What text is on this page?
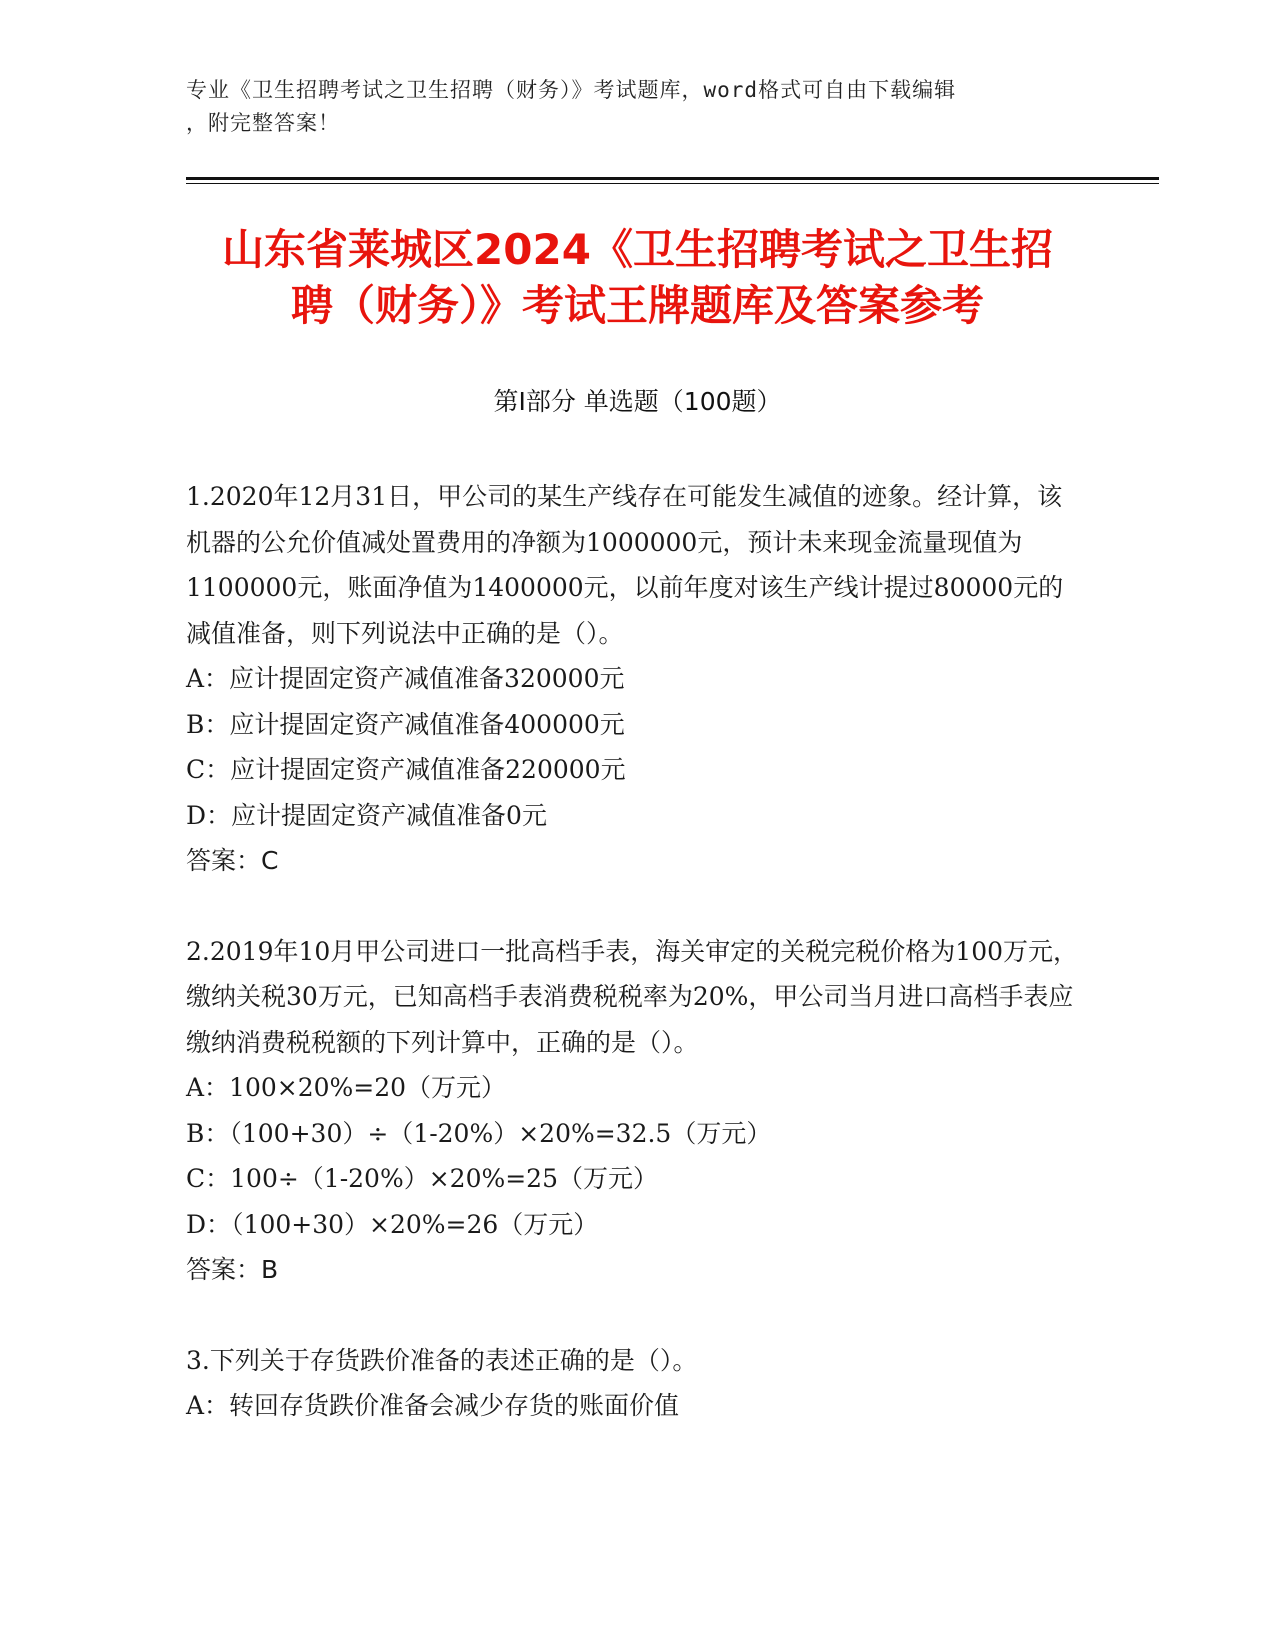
专业《卫生招聘考试之卫生招聘（财务）》考试题库，word格式可自由下载编辑
，附完整答案！
山东省莱城区2024《卫生招聘考试之卫生招
聘（财务）》考试王牌题库及答案参考
第Ⅰ部分 单选题（100题）

1.2020年12月31日，甲公司的某生产线存在可能发生减值的迹象。经计算，该机器的公允价值减处置费用的净额为1000000元，预计未来现金流量现值为1100000元，账面净值为1400000元，以前年度对该生产线计提过80000元的减值准备，则下列说法中正确的是（）。

A：应计提固定资产减值准备320000元

B：应计提固定资产减值准备400000元

C：应计提固定资产减值准备220000元

D：应计提固定资产减值准备0元

答案：C

2.2019年10月甲公司进口一批高档手表，海关审定的关税完税价格为100万元，缴纳关税30万元，已知高档手表消费税税率为20%，甲公司当月进口高档手表应缴纳消费税税额的下列计算中，正确的是（）。

A：100×20%=20（万元）

B：（100+30）÷（1-20%）×20%=32.5（万元）

C：100÷（1-20%）×20%=25（万元）

D：（100+30）×20%=26（万元）

答案：B

3.下列关于存货跌价准备的表述正确的是（）。

A：转回存货跌价准备会减少存货的账面价值
